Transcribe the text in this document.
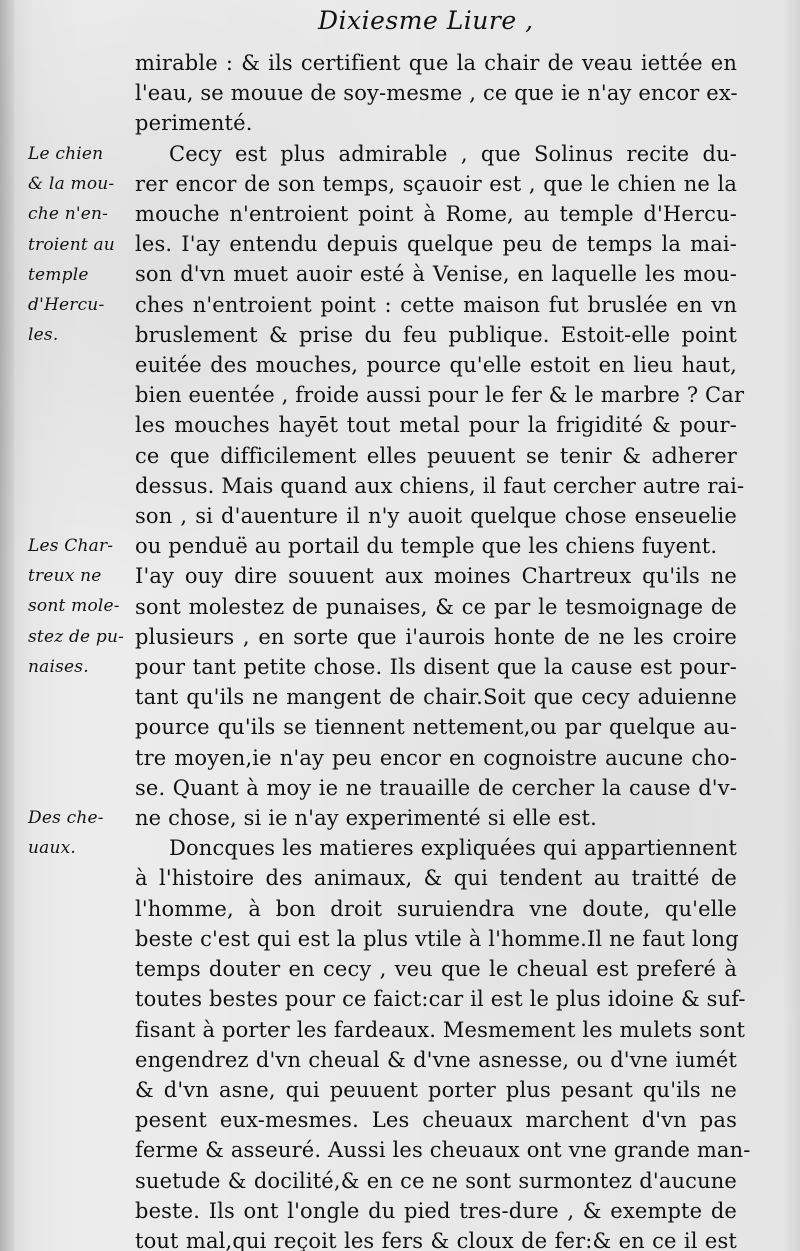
Dixiesme Liure ,
Le chien
& la mou-
che n'en-
troient au
temple
d'Hercu-
les.
Les Char-
treux ne
sont mole-
stez de pu-
naises.
Des che-
uaux.
mirable : & ils certifient que la chair de veau iettée en
l'eau, se mouue de soy-mesme , ce que ie n'ay encor ex-
perimenté.
Cecy est plus admirable , que Solinus recite du-
rer encor de son temps, sçauoir est , que le chien ne la
mouche n'entroient point à Rome, au temple d'Hercu-
les. I'ay entendu depuis quelque peu de temps la mai-
son d'vn muet auoir esté à Venise, en laquelle les mou-
ches n'entroient point : cette maison fut bruslée en vn
bruslement & prise du feu publique. Estoit-elle point
euitée des mouches, pource qu'elle estoit en lieu haut,
bien euentée , froide aussi pour le fer & le marbre ? Car
les mouches hayēt tout metal pour la frigidité & pour-
ce que difficilement elles peuuent se tenir & adherer
dessus. Mais quand aux chiens, il faut cercher autre rai-
son , si d'auenture il n'y auoit quelque chose enseuelie
ou penduë au portail du temple que les chiens fuyent.
I'ay ouy dire souuent aux moines Chartreux qu'ils ne
sont molestez de punaises, & ce par le tesmoignage de
plusieurs , en sorte que i'aurois honte de ne les croire
pour tant petite chose. Ils disent que la cause est pour-
tant qu'ils ne mangent de chair.Soit que cecy aduienne
pource qu'ils se tiennent nettement,ou par quelque au-
tre moyen,ie n'ay peu encor en cognoistre aucune cho-
se. Quant à moy ie ne trauaille de cercher la cause d'v-
ne chose, si ie n'ay experimenté si elle est.
Doncques les matieres expliquées qui appartiennent
à l'histoire des animaux, & qui tendent au traitté de
l'homme, à bon droit suruiendra vne doute, qu'elle
beste c'est qui est la plus vtile à l'homme.Il ne faut long
temps douter en cecy , veu que le cheual est preferé à
toutes bestes pour ce faict:car il est le plus idoine & suf-
fisant à porter les fardeaux. Mesmement les mulets sont
engendrez d'vn cheual & d'vne asnesse, ou d'vne iumét
& d'vn asne, qui peuuent porter plus pesant qu'ils ne
pesent eux-mesmes. Les cheuaux marchent d'vn pas
ferme & asseuré. Aussi les cheuaux ont vne grande man-
suetude & docilité,& en ce ne sont surmontez d'aucune
beste. Ils ont l'ongle du pied tres-dure , & exempte de
tout mal,qui reçoit les fers & cloux de fer:& en ce il est
